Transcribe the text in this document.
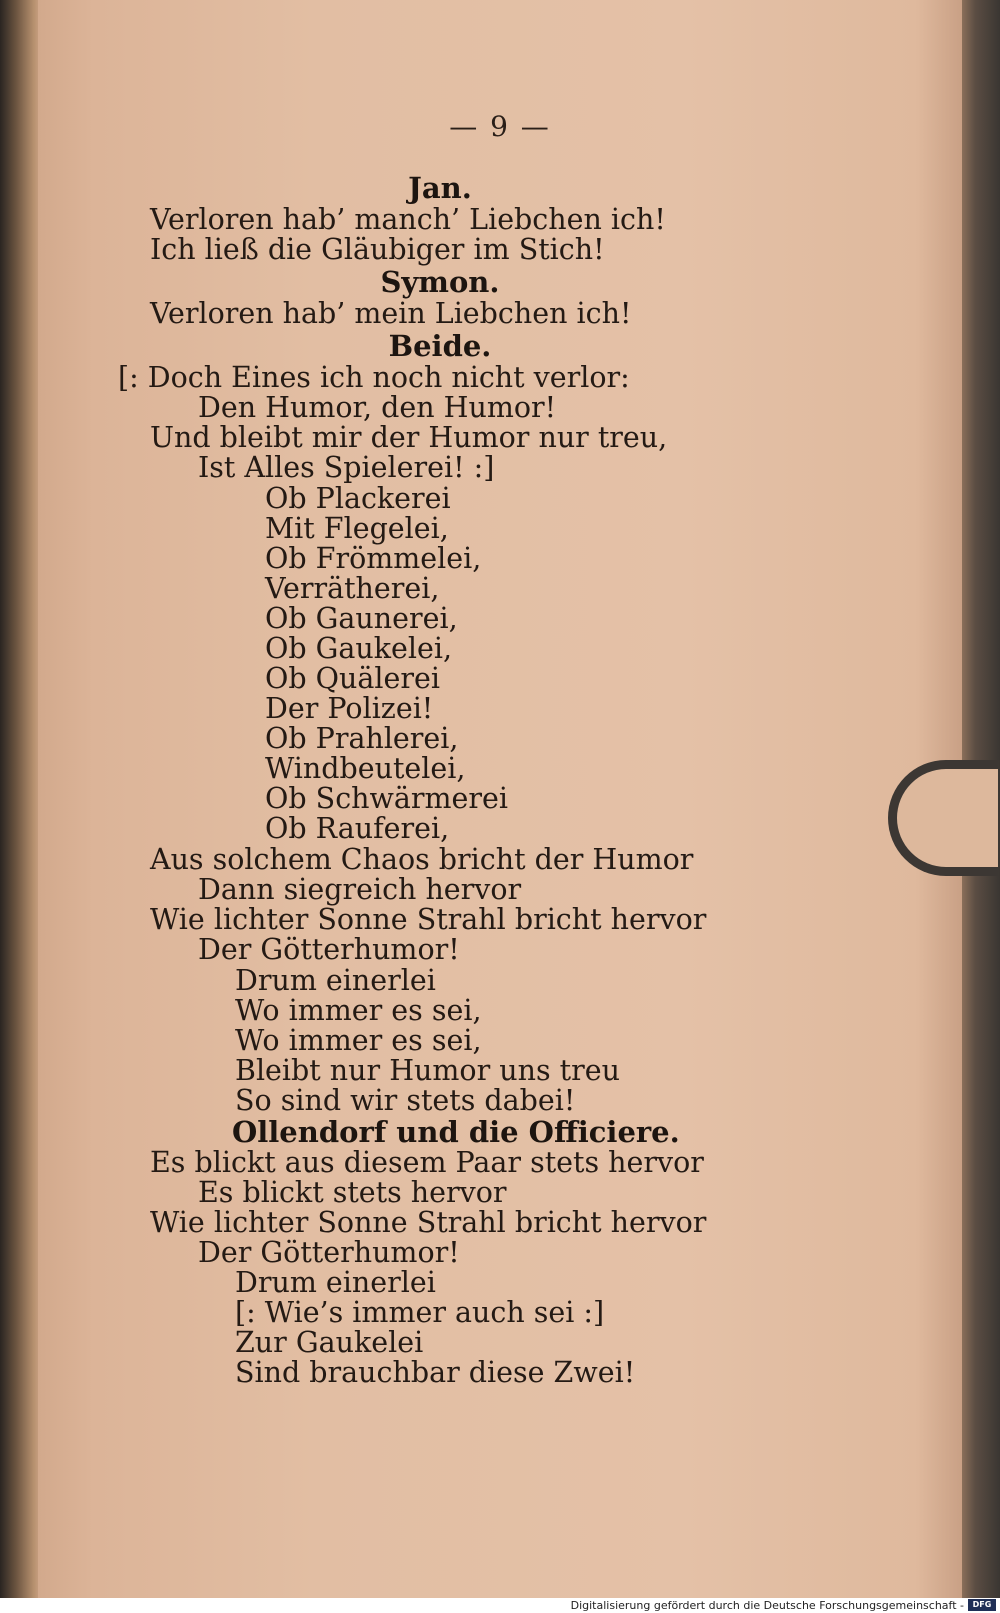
— 9 —
Jan.
Verloren hab’ manch’ Liebchen ich!
Ich ließ die Gläubiger im Stich!
Symon.
Verloren hab’ mein Liebchen ich!
Beide.
[: Doch Eines ich noch nicht verlor:
Den Humor, den Humor!
Und bleibt mir der Humor nur treu,
Ist Alles Spielerei! :]
Ob Plackerei
Mit Flegelei,
Ob Frömmelei,
Verrätherei,
Ob Gaunerei,
Ob Gaukelei,
Ob Quälerei
Der Polizei!
Ob Prahlerei,
Windbeutelei,
Ob Schwärmerei
Ob Rauferei,
Aus solchem Chaos bricht der Humor
Dann siegreich hervor
Wie lichter Sonne Strahl bricht hervor
Der Götterhumor!
Drum einerlei
Wo immer es sei,
Wo immer es sei,
Bleibt nur Humor uns treu
So sind wir stets dabei!
Ollendorf und die Officiere.
Es blickt aus diesem Paar stets hervor
Es blickt stets hervor
Wie lichter Sonne Strahl bricht hervor
Der Götterhumor!
Drum einerlei
[: Wie’s immer auch sei :]
Zur Gaukelei
Sind brauchbar diese Zwei!
Digitalisierung gefördert durch die Deutsche Forschungsgemeinschaft -	DFG
